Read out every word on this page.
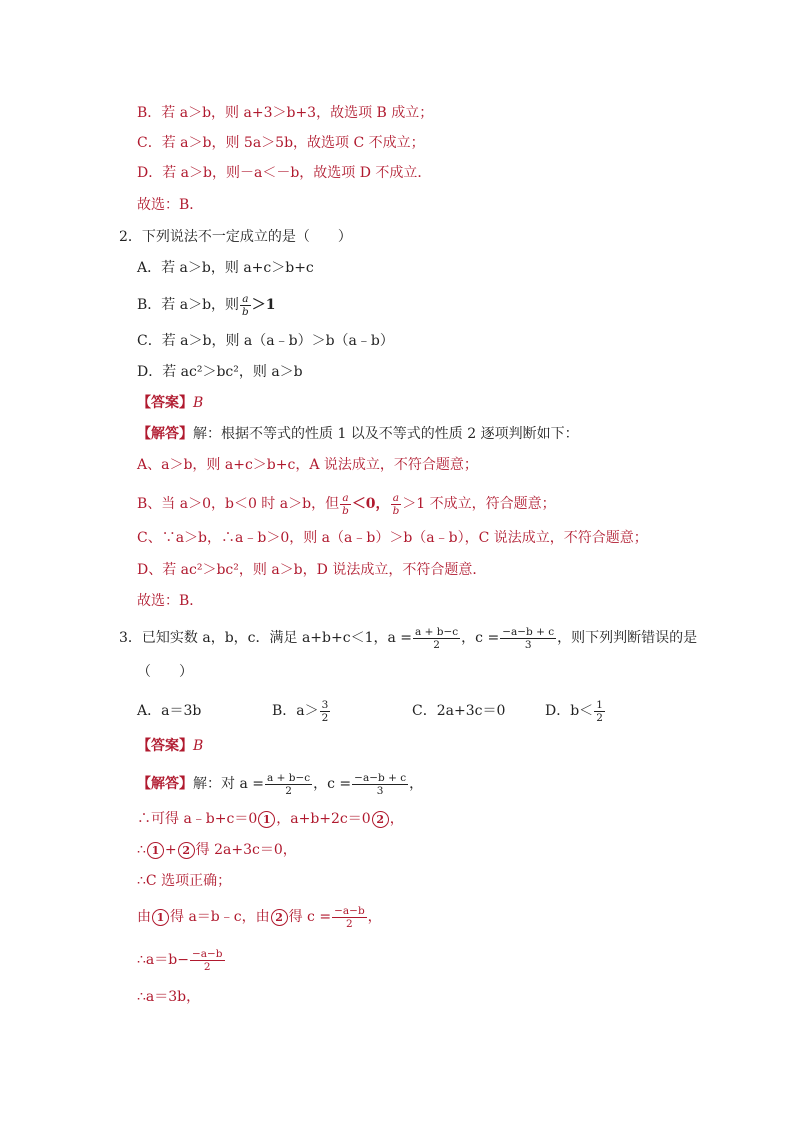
B．若 a＞b，则 a+3＞b+3，故选项 B 成立；
C．若 a＞b，则 5a＞5b，故选项 C 不成立；
D．若 a＞b，则－a＜－b，故选项 D 不成立．
故选：B．
2．下列说法不一定成立的是（　　）
A．若 a＞b，则 a+c＞b+c
B．若 a＞b，则 $\frac{a}{b} >1$
C．若 a＞b，则 a（a﹣b）＞b（a﹣b）
D．若 ac²＞bc²，则 a＞b
【答案】B
【解答】解：根据不等式的性质 1 以及不等式的性质 2 逐项判断如下：
A、a＞b，则 a+c＞b+c，A 说法成立，不符合题意；
B、当 a＞0，b＜0 时 a＞b，但 $\frac{a}{b} <0$， $\frac{a}{b} >1$ 不成立，符合题意；
C、∵a＞b，∴a﹣b＞0，则 a（a﹣b）＞b（a﹣b），C 说法成立，不符合题意；
D、若 ac²＞bc²，则 a＞b，D 说法成立，不符合题意．
故选：B．
3．已知实数 a，b，c．满足 a+b+c＜1，$a = \frac{a + b-c}{2}$ ，$c = \frac{-a-b + c}{3}$ ，则下列判断错误的是
（　　）
A．a＝3b	B．$a> \frac{3}{2}$	C．2a+3c＝0	D．$b< \frac{1}{2}$
【答案】B
【解答】解：对 $a = \frac{a + b-c}{2}$ ，$c = \frac{-a-b + c}{3}$ ，
∴可得 a﹣b+c＝0 1 ，a+b+2c＝0 2 ，
∴ 1 + 2 得 2a+3c＝0，
∴C 选项正确；
由 1 得 a＝b﹣c，由 2 得 $c = \frac{-a-b}{2}$ ，
∴a＝b− $\frac{-a-b}{2}$
∴a＝3b，
